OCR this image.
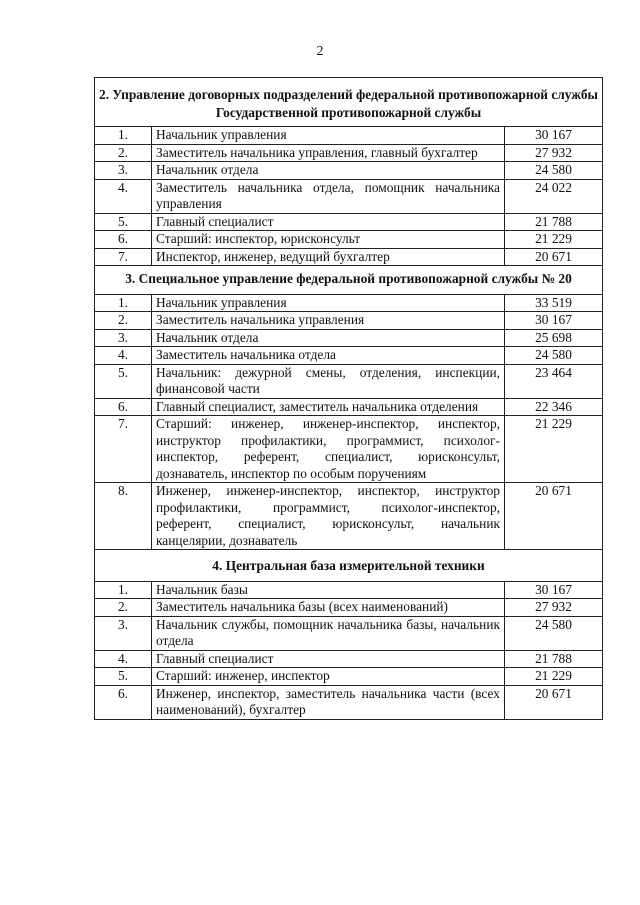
2
2. Управление договорных подразделений федеральной противопожарной службы Государственной противопожарной службы		
1.	Начальник управления	30 167
2.	Заместитель начальника управления, главный бухгалтер	27 932
3.	Начальник отдела	24 580
4.	Заместитель начальника отдела, помощник начальника управления	24 022
5.	Главный специалист	21 788
6.	Старший: инспектор, юрисконсульт	21 229
7.	Инспектор, инженер, ведущий бухгалтер	20 671
3. Специальное управление федеральной противопожарной службы № 20		
1.	Начальник управления	33 519
2.	Заместитель начальника управления	30 167
3.	Начальник отдела	25 698
4.	Заместитель начальника отдела	24 580
5.	Начальник: дежурной смены, отделения, инспекции, финансовой части	23 464
6.	Главный специалист, заместитель начальника отделения	22 346
7.	Старший: инженер, инженер-инспектор, инспектор, инструктор профилактики, программист, психолог-инспектор, референт, специалист, юрисконсульт, дознаватель, инспектор по особым поручениям	21 229
8.	Инженер, инженер-инспектор, инспектор, инструктор профилактики, программист, психолог-инспектор, референт, специалист, юрисконсульт, начальник канцелярии, дознаватель	20 671
4. Центральная база измерительной техники		
1.	Начальник базы	30 167
2.	Заместитель начальника базы (всех наименований)	27 932
3.	Начальник службы, помощник начальника базы, начальник отдела	24 580
4.	Главный специалист	21 788
5.	Старший: инженер, инспектор	21 229
6.	Инженер, инспектор, заместитель начальника части (всех наименований), бухгалтер	20 671
